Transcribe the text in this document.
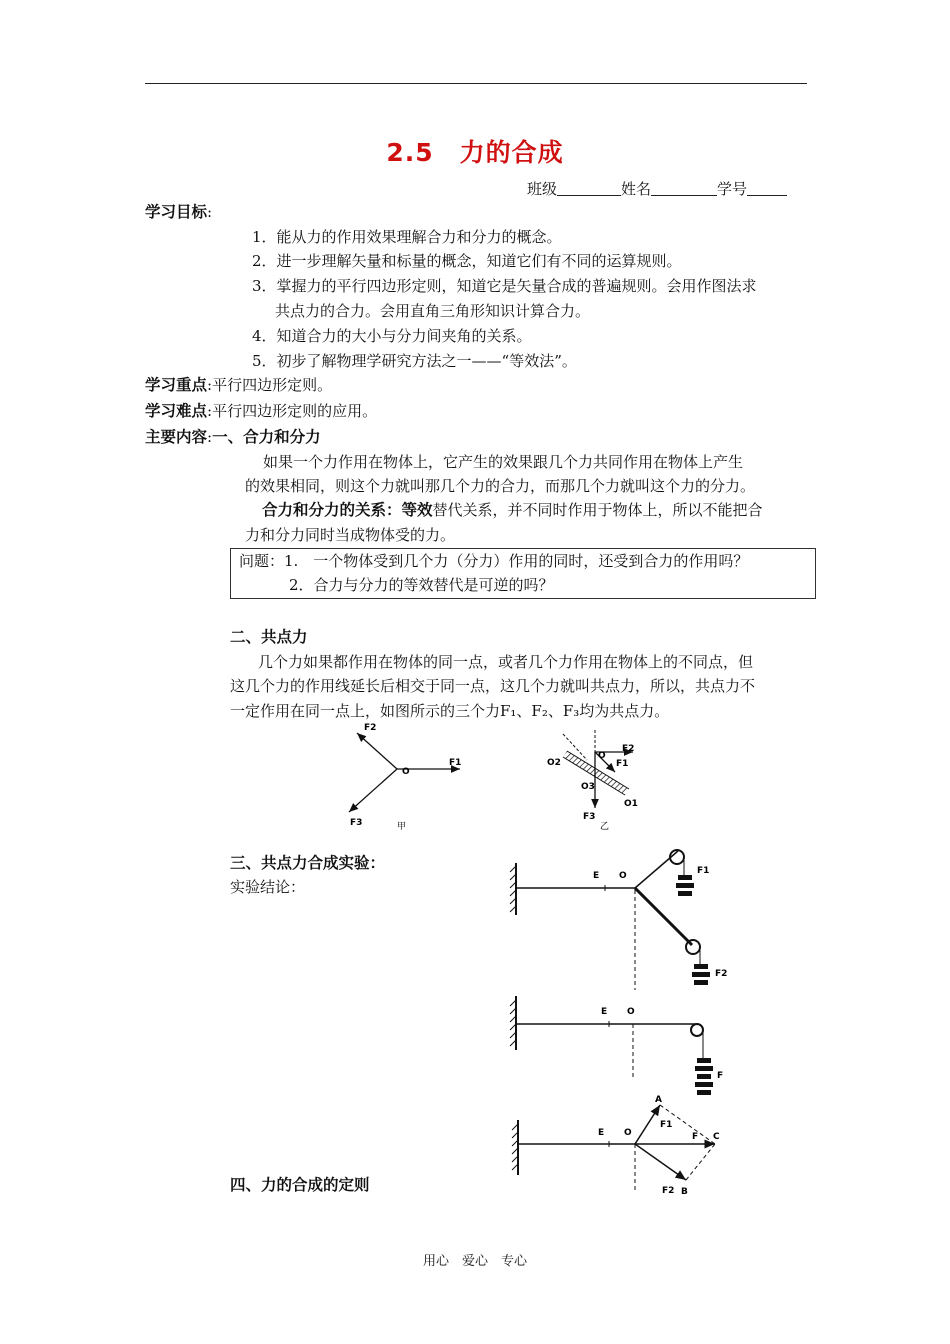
2.5　力的合成
班级	姓名	学号
学习目标:
1．能从力的作用效果理解合力和分力的概念。
2．进一步理解矢量和标量的概念，知道它们有不同的运算规则。
3．掌握力的平行四边形定则，知道它是矢量合成的普遍规则。会用作图法求
共点力的合力。会用直角三角形知识计算合力。
4．知道合力的大小与分力间夹角的关系。
5．初步了解物理学研究方法之一——“等效法”。
学习重点:平行四边形定则。
学习难点:平行四边形定则的应用。
主要内容:一、合力和分力
如果一个力作用在物体上，它产生的效果跟几个力共同作用在物体上产生
的效果相同，则这个力就叫那几个力的合力，而那几个力就叫这个力的分力。
合力和分力的关系：等效替代关系，并不同时作用于物体上，所以不能把合
力和分力同时当成物体受的力。
问题：1.　一个物体受到几个力（分力）作用的同时，还受到合力的作用吗？
2．合力与分力的等效替代是可逆的吗？
二、共点力
几个力如果都作用在物体的同一点，或者几个力作用在物体上的不同点，但
这几个力的作用线延长后相交于同一点，这几个力就叫共点力，所以，共点力不
一定作用在同一点上，如图所示的三个力F₁、F₂、F₃均为共点力。
三、共点力合成实验：
实验结论：
四、力的合成的定则
用心　爱心　专心
O
F1
F2
F3	甲
O
O2
O3
O1
F2
F1
F3
乙
E O	F1
F2
E O
F
E O
A
F1
F C
F2 B
